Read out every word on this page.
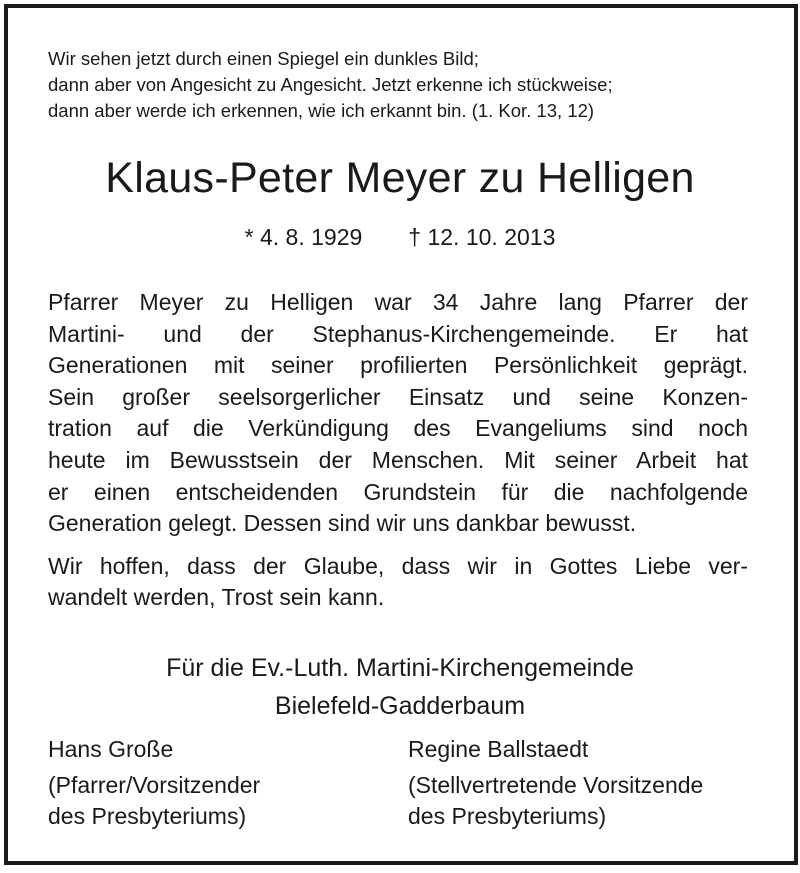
Wir sehen jetzt durch einen Spiegel ein dunkles Bild;
dann aber von Angesicht zu Angesicht. Jetzt erkenne ich stückweise;
dann aber werde ich erkennen, wie ich erkannt bin. (1. Kor. 13, 12)
Klaus-Peter Meyer zu Helligen
* 4. 8. 1929 † 12. 10. 2013
Pfarrer Meyer zu Helligen war 34 Jahre lang Pfarrer der
Martini- und der Stephanus-Kirchengemeinde. Er hat
Generationen mit seiner profilierten Persönlichkeit geprägt.
Sein großer seelsorgerlicher Einsatz und seine Konzen-
tration auf die Verkündigung des Evangeliums sind noch
heute im Bewusstsein der Menschen. Mit seiner Arbeit hat
er einen entscheidenden Grundstein für die nachfolgende
Generation gelegt. Dessen sind wir uns dankbar bewusst.
Wir hoffen, dass der Glaube, dass wir in Gottes Liebe ver-
wandelt werden, Trost sein kann.
Für die Ev.-Luth. Martini-Kirchengemeinde
Bielefeld-Gadderbaum
Hans Große
(Pfarrer/Vorsitzender
des Presbyteriums)
Regine Ballstaedt
(Stellvertretende Vorsitzende
des Presbyteriums)
